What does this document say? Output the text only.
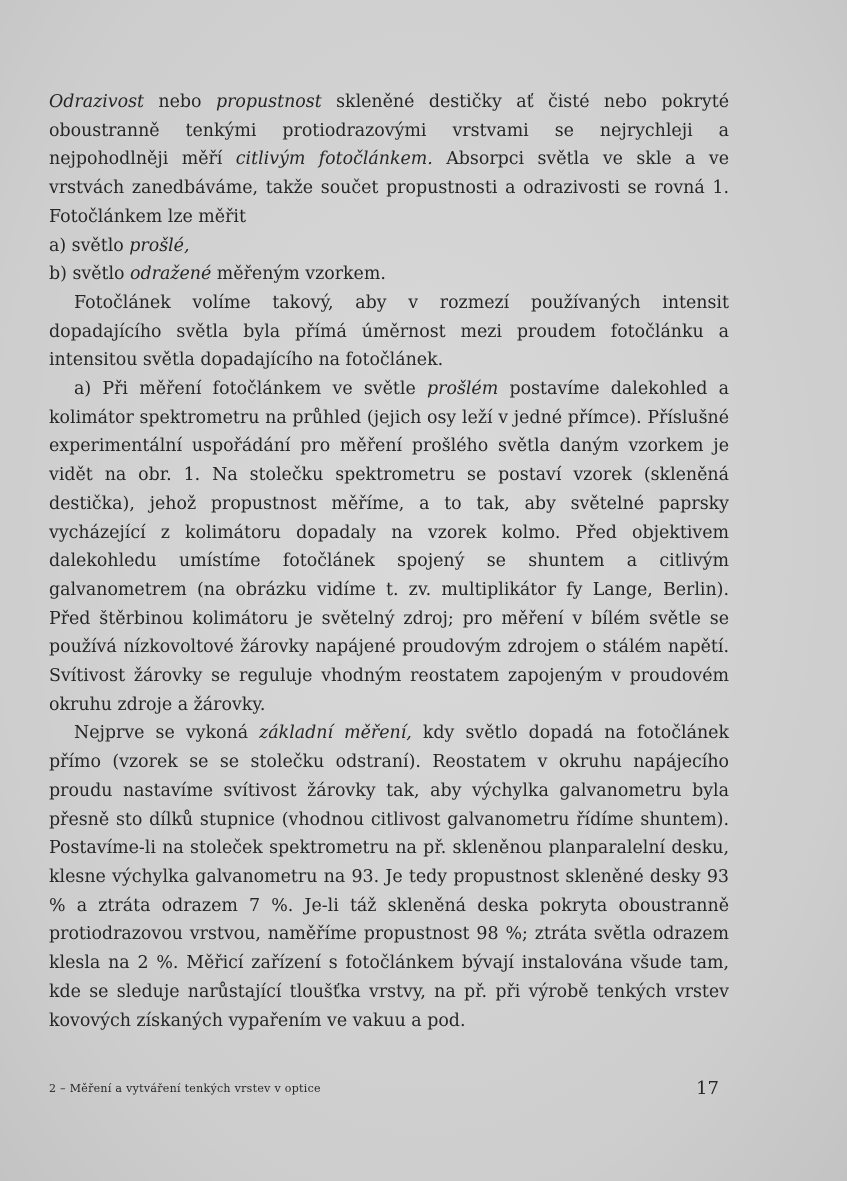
Odrazivost nebo propustnost skleněné destičky ať čisté nebo pokryté oboustranně tenkými protiodrazovými vrstvami se nejrychleji a nejpohodlněji měří citlivým fotočlánkem. Absorpci světla ve skle a ve vrstvách zanedbáváme, takže součet propustnosti a odrazivosti se rovná 1. Fotočlánkem lze měřit

a) světlo prošlé,

b) světlo odražené měřeným vzorkem.

Fotočlánek volíme takový, aby v rozmezí používaných intensit dopadajícího světla byla přímá úměrnost mezi proudem fotočlánku a intensitou světla dopadajícího na fotočlánek.

a) Při měření fotočlánkem ve světle prošlém postavíme dalekohled a kolimátor spektrometru na průhled (jejich osy leží v jedné přímce). Příslušné experimentální uspořádání pro měření prošlého světla daným vzorkem je vidět na obr. 1. Na stolečku spektrometru se postaví vzorek (skleněná destička), jehož propustnost měříme, a to tak, aby světelné paprsky vycházející z kolimátoru dopadaly na vzorek kolmo. Před objektivem dalekohledu umístíme fotočlánek spojený se shuntem a citlivým galvanometrem (na obrázku vidíme t. zv. multiplikátor fy Lange, Berlin). Před štěrbinou kolimátoru je světelný zdroj; pro měření v bílém světle se používá nízkovoltové žárovky napájené proudovým zdrojem o stálém napětí. Svítivost žárovky se reguluje vhodným reostatem zapojeným v proudovém okruhu zdroje a žárovky.

Nejprve se vykoná základní měření, kdy světlo dopadá na fotočlánek přímo (vzorek se se stolečku odstraní). Reostatem v okruhu napájecího proudu nastavíme svítivost žárovky tak, aby výchylka galvanometru byla přesně sto dílků stupnice (vhodnou citlivost galvanometru řídíme shuntem). Postavíme-li na stoleček spektrometru na př. skleněnou planparalelní desku, klesne výchylka galvanometru na 93. Je tedy propustnost skleněné desky 93 % a ztráta odrazem 7 %. Je-li táž skleněná deska pokryta oboustranně protiodrazovou vrstvou, naměříme propustnost 98 %; ztráta světla odrazem klesla na 2 %. Měřicí zařízení s fotočlánkem bývají instalována všude tam, kde se sleduje narůstající tloušťka vrstvy, na př. při výrobě tenkých vrstev kovových získaných vypařením ve vakuu a pod.

2 – Měření a vytváření tenkých vrstev v optice	17
